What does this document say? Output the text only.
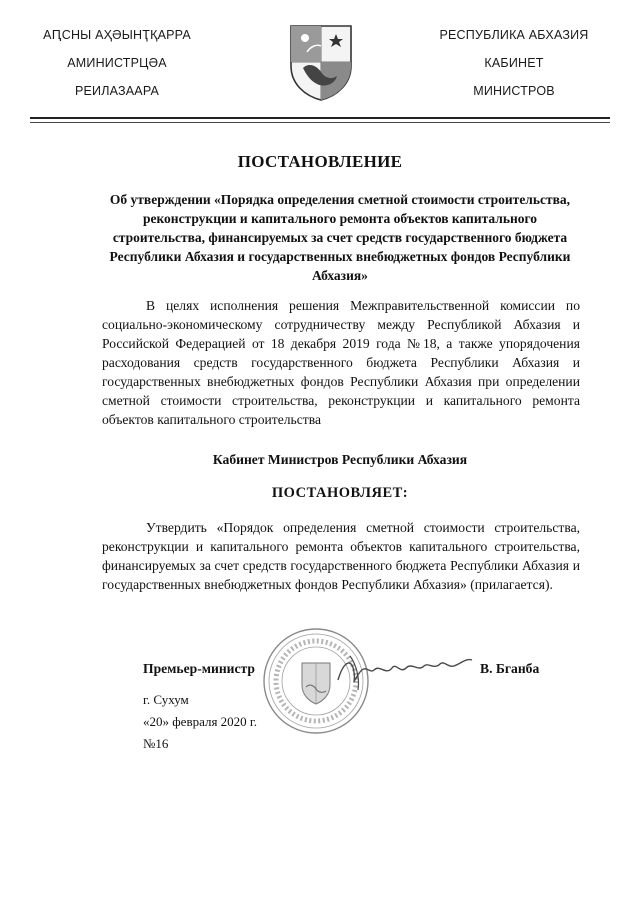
АԤСНЫ АҲӘЫНҬҚАРРА
АМИНИСТРЦӘА
РЕИЛАЗААРА
РЕСПУБЛИКА АБХАЗИЯ
КАБИНЕТ
МИНИСТРОВ
ПОСТАНОВЛЕНИЕ
Об утверждении «Порядка определения сметной стоимости строительства, реконструкции и капитального ремонта объектов капитального строительства, финансируемых за счет средств государственного бюджета Республики Абхазия и государственных внебюджетных фондов Республики Абхазия»
В целях исполнения решения Межправительственной комиссии по социально-экономическому сотрудничеству между Республикой Абхазия и Российской Федерацией от 18 декабря 2019 года №18, а также упорядочения расходования средств государственного бюджета Республики Абхазия и государственных внебюджетных фондов Республики Абхазия при определении сметной стоимости строительства, реконструкции и капитального ремонта объектов капитального строительства
Кабинет Министров Республики Абхазия
ПОСТАНОВЛЯЕТ:
Утвердить «Порядок определения сметной стоимости строительства, реконструкции и капитального ремонта объектов капитального строительства, финансируемых за счет средств государственного бюджета Республики Абхазия и государственных внебюджетных фондов Республики Абхазия» (прилагается).
Премьер-министр	В. Бганба
г. Сухум
«20» февраля 2020 г.
№16
